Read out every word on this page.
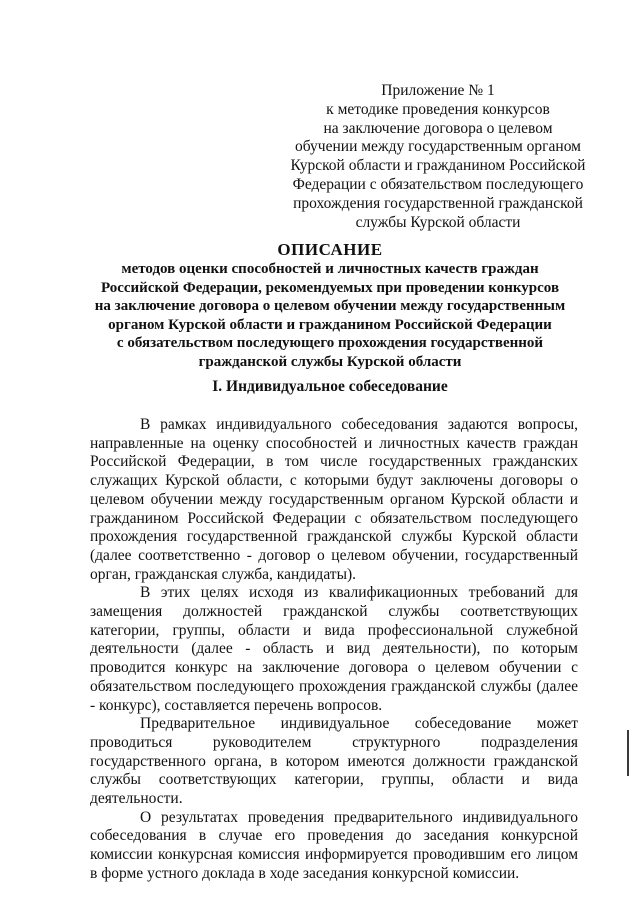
Приложение № 1
к методике проведения конкурсов
на заключение договора о целевом
обучении между государственным органом
Курской области и гражданином Российской
Федерации с обязательством последующего
прохождения государственной гражданской
службы Курской области
ОПИСАНИЕ
методов оценки способностей и личностных качеств граждан
Российской Федерации, рекомендуемых при проведении конкурсов
на заключение договора о целевом обучении между государственным
органом Курской области и гражданином Российской Федерации
с обязательством последующего прохождения государственной
гражданской службы Курской области
I. Индивидуальное собеседование

В рамках индивидуального собеседования задаются вопросы, направленные на оценку способностей и личностных качеств граждан Российской Федерации, в том числе государственных гражданских служащих Курской области, с которыми будут заключены договоры о целевом обучении между государственным органом Курской области и гражданином Российской Федерации с обязательством последующего прохождения государственной гражданской службы Курской области (далее соответственно - договор о целевом обучении, государственный орган, гражданская служба, кандидаты).

В этих целях исходя из квалификационных требований для замещения должностей гражданской службы соответствующих категории, группы, области и вида профессиональной служебной деятельности (далее - область и вид деятельности), по которым проводится конкурс на заключение договора о целевом обучении с обязательством последующего прохождения гражданской службы (далее - конкурс), составляется перечень вопросов.

Предварительное индивидуальное собеседование может проводиться руководителем структурного подразделения государственного органа, в котором имеются должности гражданской службы соответствующих категории, группы, области и вида деятельности.

О результатах проведения предварительного индивидуального собеседования в случае его проведения до заседания конкурсной комиссии конкурсная комиссия информируется проводившим его лицом в форме устного доклада в ходе заседания конкурсной комиссии.
